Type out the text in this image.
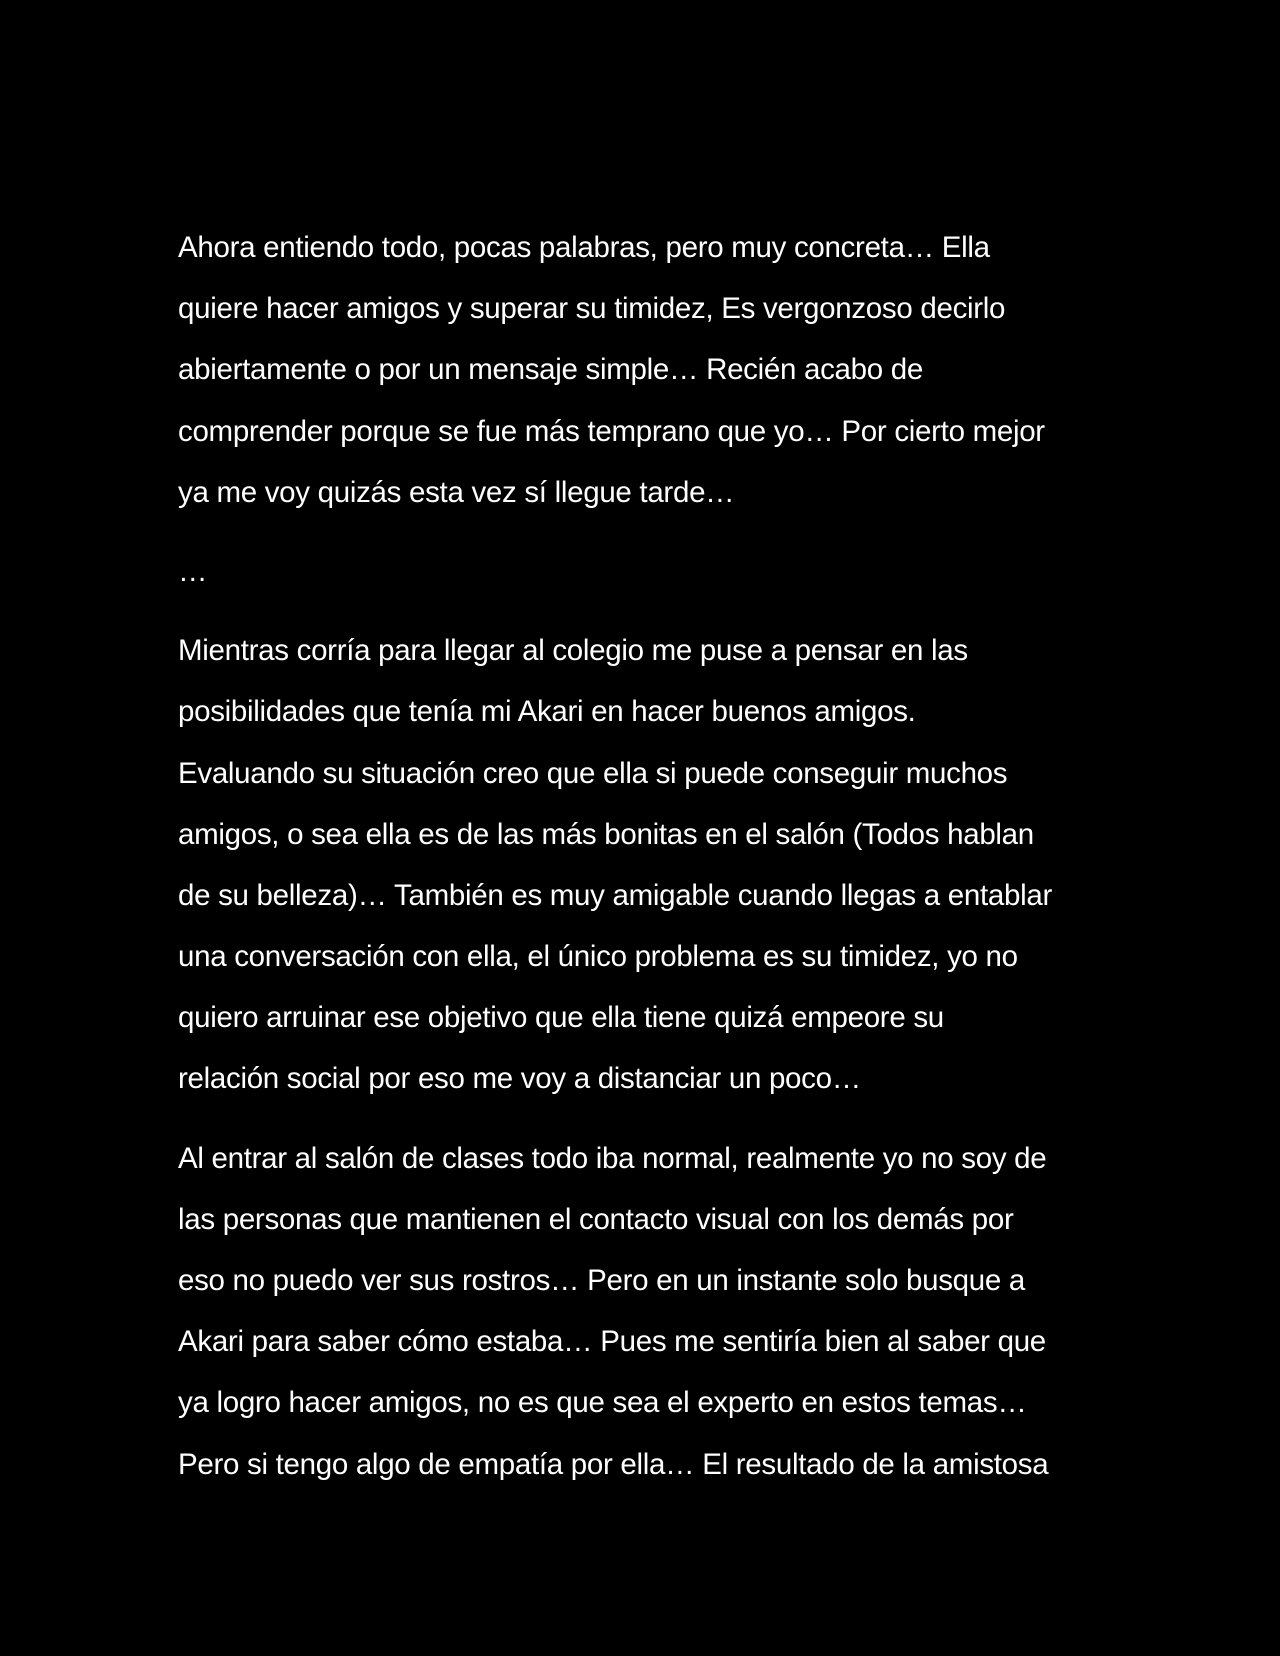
Ahora entiendo todo, pocas palabras, pero muy concreta… Ella
quiere hacer amigos y superar su timidez, Es vergonzoso decirlo
abiertamente o por un mensaje simple… Recién acabo de
comprender porque se fue más temprano que yo… Por cierto mejor
ya me voy quizás esta vez sí llegue tarde…

…

Mientras corría para llegar al colegio me puse a pensar en las
posibilidades que tenía mi Akari en hacer buenos amigos.
Evaluando su situación creo que ella si puede conseguir muchos
amigos, o sea ella es de las más bonitas en el salón (Todos hablan
de su belleza)… También es muy amigable cuando llegas a entablar
una conversación con ella, el único problema es su timidez, yo no
quiero arruinar ese objetivo que ella tiene quizá empeore su
relación social por eso me voy a distanciar un poco…

Al entrar al salón de clases todo iba normal, realmente yo no soy de
las personas que mantienen el contacto visual con los demás por
eso no puedo ver sus rostros… Pero en un instante solo busque a
Akari para saber cómo estaba… Pues me sentiría bien al saber que
ya logro hacer amigos, no es que sea el experto en estos temas…
Pero si tengo algo de empatía por ella… El resultado de la amistosa
